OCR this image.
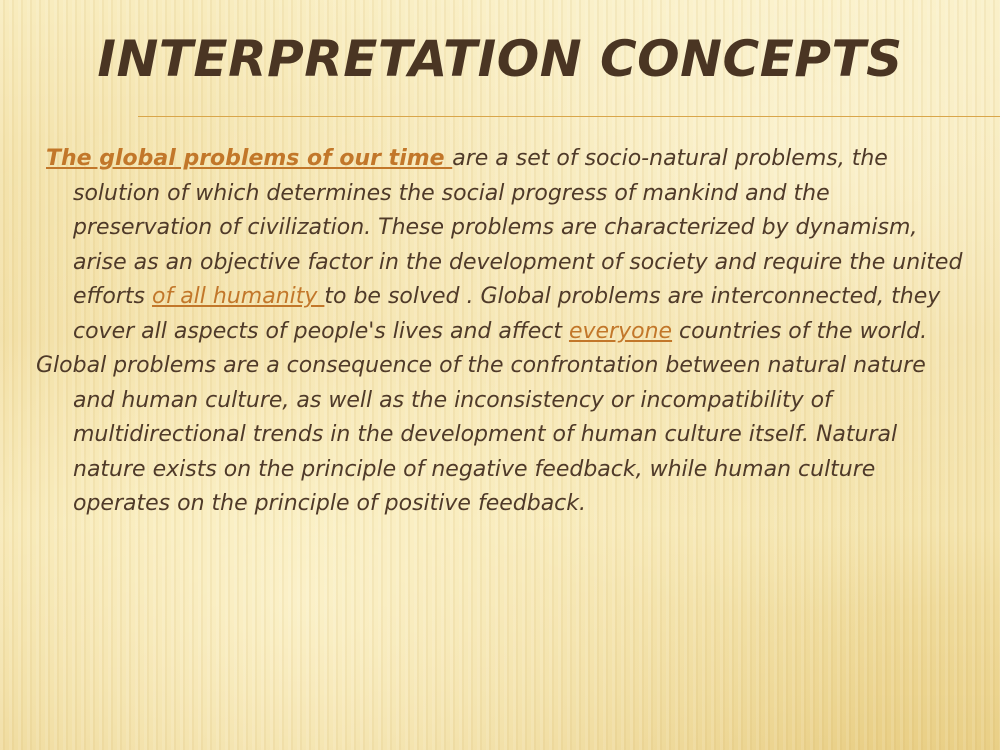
INTERPRETATION CONCEPTS

The global problems of our time are a set of socio-natural problems, the solution of which determines the social progress of mankind and the preservation of civilization. These problems are characterized by dynamism, arise as an objective factor in the development of society and require the united efforts of all humanity to be solved . Global problems are interconnected, they cover all aspects of people's lives and affect everyone countries of the world.

Global problems are a consequence of the confrontation between natural nature and human culture, as well as the inconsistency or incompatibility of multidirectional trends in the development of human culture itself. Natural nature exists on the principle of negative feedback, while human culture operates on the principle of positive feedback.
